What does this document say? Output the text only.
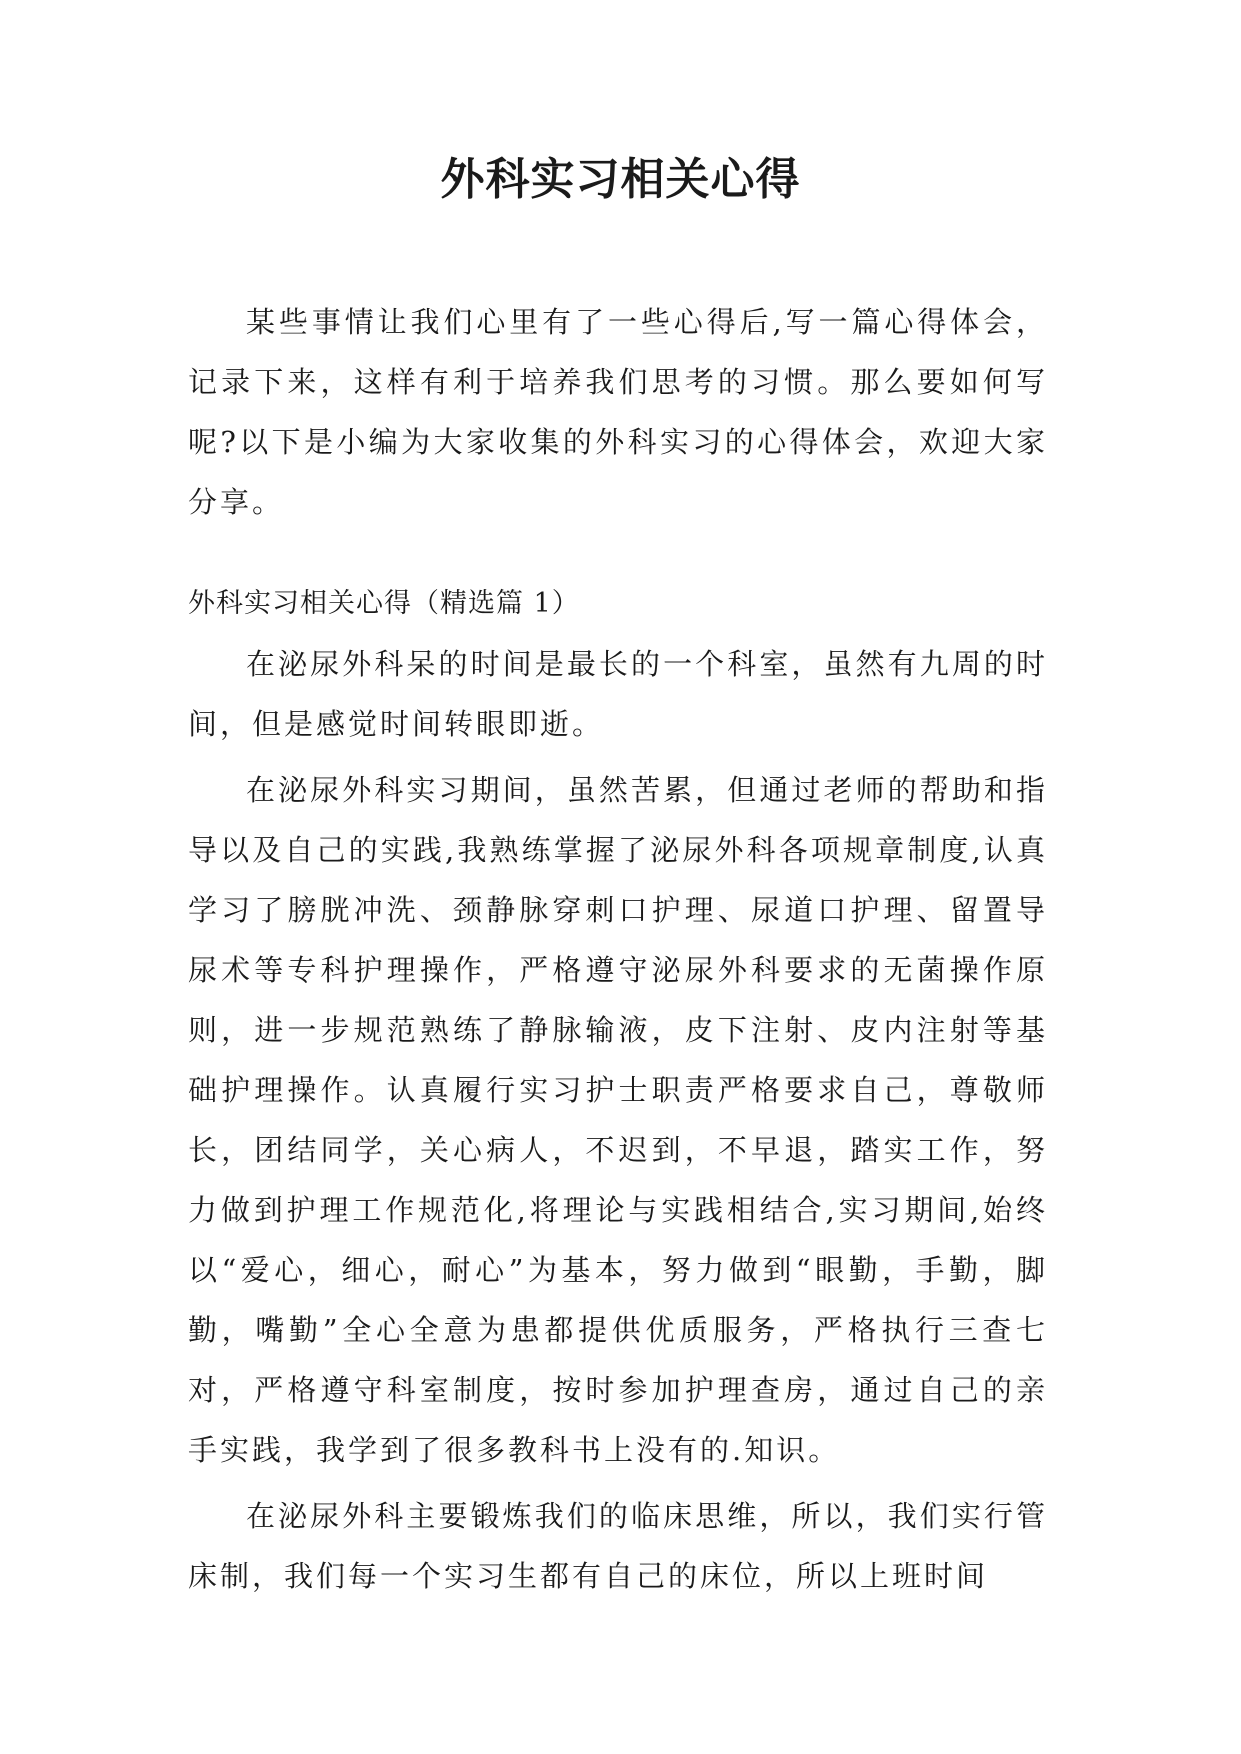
外科实习相关心得

某些事情让我们心里有了一些心得后,写一篇心得体会，记录下来，这样有利于培养我们思考的习惯。那么要如何写呢?以下是小编为大家收集的外科实习的心得体会，欢迎大家分享。

外科实习相关心得（精选篇 1）

在泌尿外科呆的时间是最长的一个科室，虽然有九周的时间，但是感觉时间转眼即逝。

在泌尿外科实习期间，虽然苦累，但通过老师的帮助和指导以及自己的实践,我熟练掌握了泌尿外科各项规章制度,认真学习了膀胱冲洗、颈静脉穿刺口护理、尿道口护理、留置导尿术等专科护理操作，严格遵守泌尿外科要求的无菌操作原则，进一步规范熟练了静脉输液，皮下注射、皮内注射等基础护理操作。认真履行实习护士职责严格要求自己，尊敬师长，团结同学，关心病人，不迟到，不早退，踏实工作，努力做到护理工作规范化,将理论与实践相结合,实习期间,始终以“爱心，细心，耐心”为基本，努力做到“眼勤，手勤，脚勤，嘴勤”全心全意为患都提供优质服务，严格执行三查七对，严格遵守科室制度，按时参加护理查房，通过自己的亲手实践，我学到了很多教科书上没有的.知识。

在泌尿外科主要锻炼我们的临床思维，所以，我们实行管床制，我们每一个实习生都有自己的床位，所以上班时间
